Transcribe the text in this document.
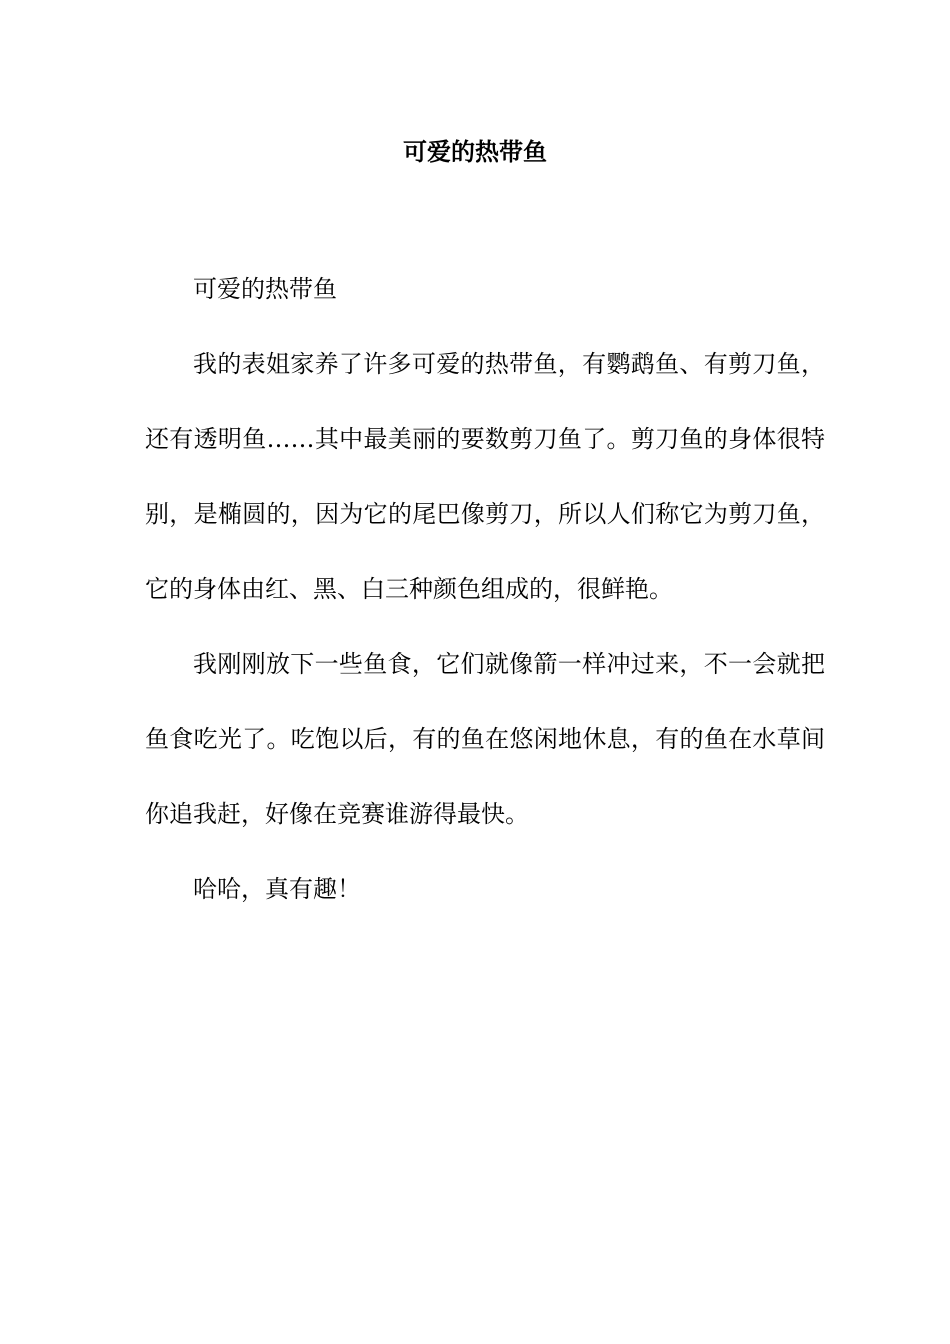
可爱的热带鱼

可爱的热带鱼

我的表姐家养了许多可爱的热带鱼，有鹦鹉鱼、有剪刀鱼，还有透明鱼……其中最美丽的要数剪刀鱼了。剪刀鱼的身体很特别，是椭圆的，因为它的尾巴像剪刀，所以人们称它为剪刀鱼，它的身体由红、黑、白三种颜色组成的，很鲜艳。

我刚刚放下一些鱼食，它们就像箭一样冲过来，不一会就把鱼食吃光了。吃饱以后，有的鱼在悠闲地休息，有的鱼在水草间你追我赶，好像在竞赛谁游得最快。

哈哈，真有趣！
